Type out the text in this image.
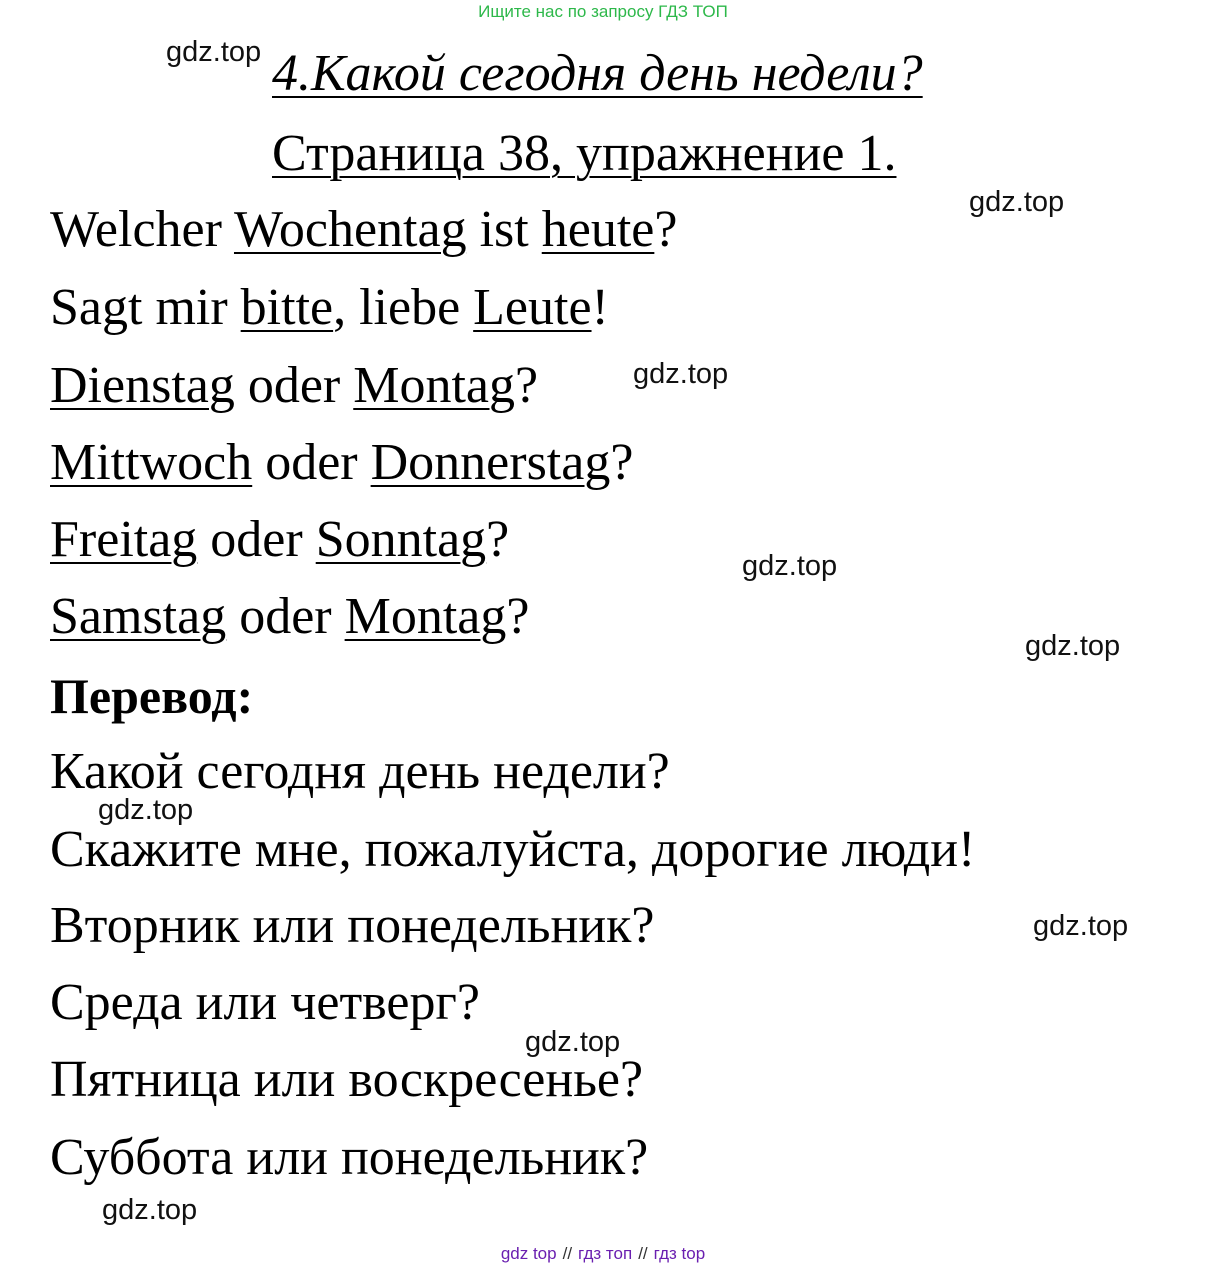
Ищите нас по запросу ГДЗ ТОП
4.Какой сегодня день недели?
Страница 38, упражнение 1.
Welcher Wochentag ist heute?
Sagt mir bitte, liebe Leute!
Dienstag oder Montag?
Mittwoch oder Donnerstag?
Freitag oder Sonntag?
Samstag oder Montag?
Перевод:
Какой сегодня день недели?
Скажите мне, пожалуйста, дорогие люди!
Вторник или понедельник?
Среда или четверг?
Пятница или воскресенье?
Суббота или понедельник?
gdz.top
gdz.top
gdz.top
gdz.top
gdz.top
gdz.top
gdz.top
gdz.top
gdz.top
gdz top // гдз топ // гдз top
